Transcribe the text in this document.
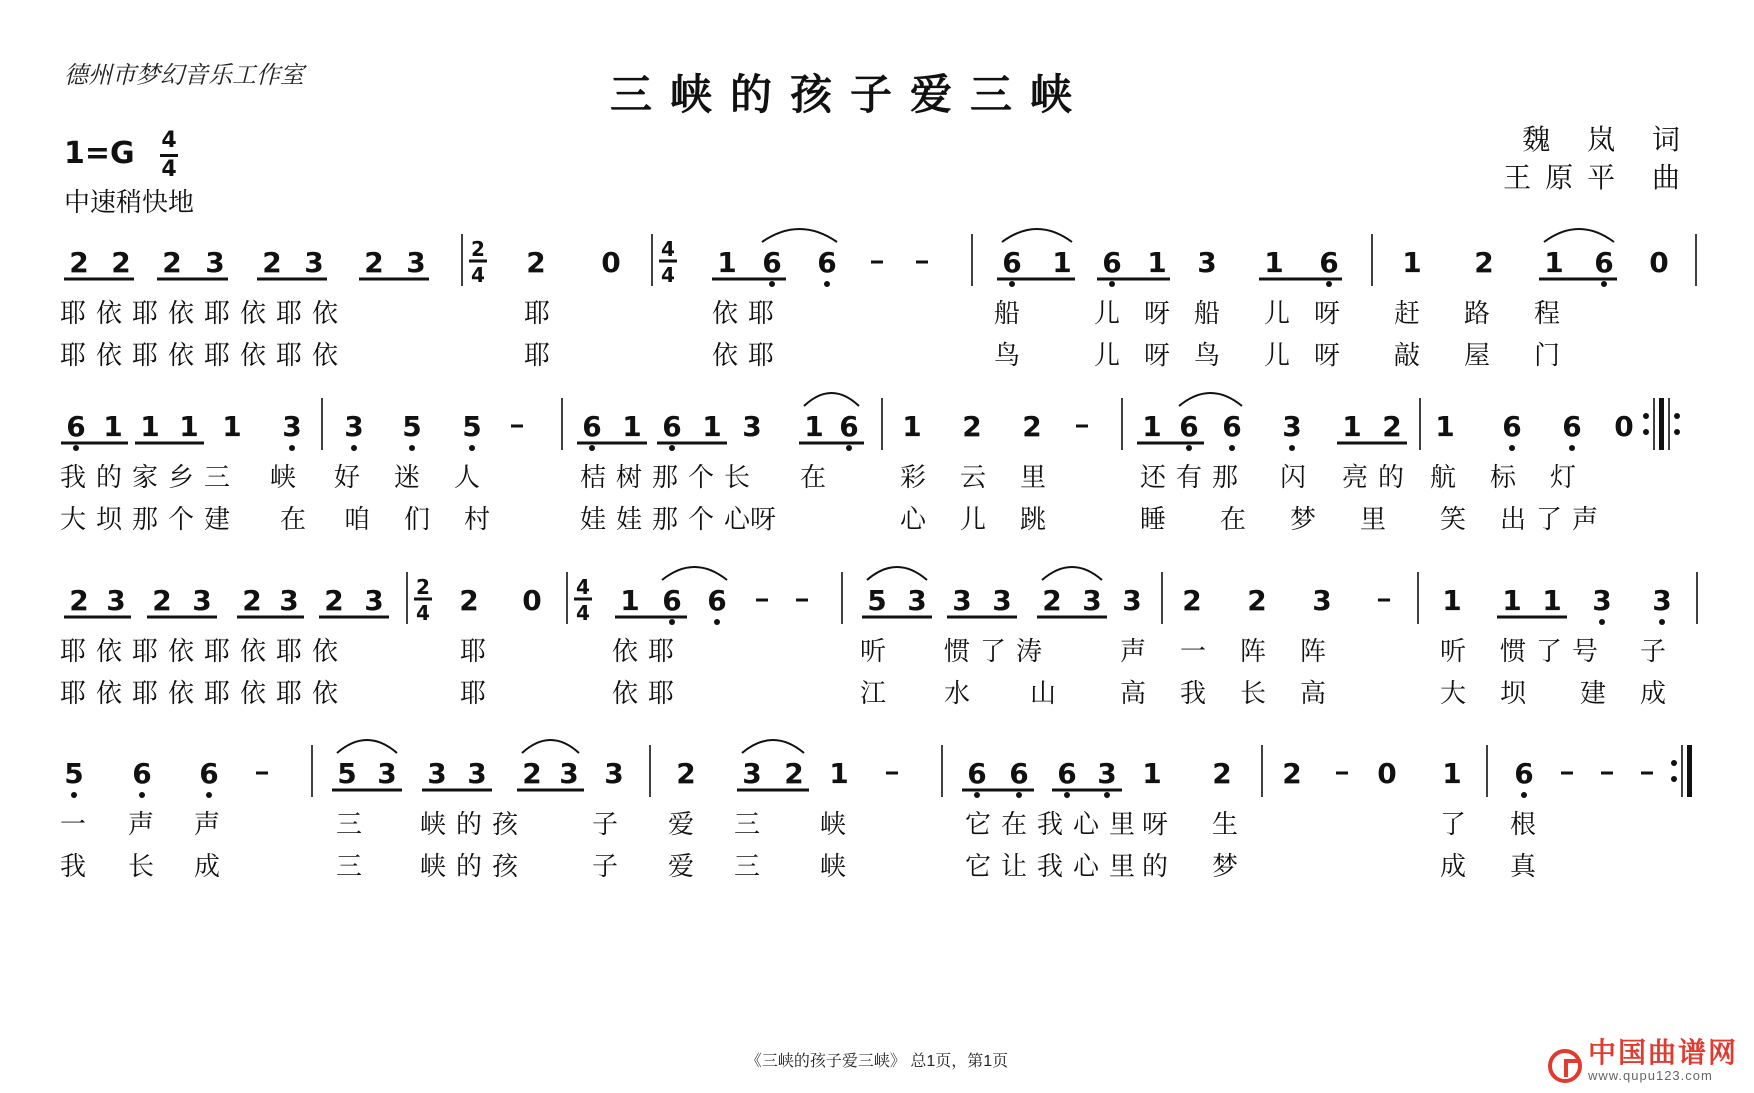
德州市梦幻音乐工作室	三峡的孩子爱三峡
魏 岚 词
王原平 曲
1=G 4
4
中速稍快地
2 2 2 3 2 3 2 3	2 0	1 6 6	6 1 6 1 3 1 6 1 2 1 6 0
2
4
4
4
耶依耶依耶依耶依	耶	依耶	船 儿 呀 船 儿 呀 赶 路 程
耶依耶依耶依耶依	耶	依耶	鸟 儿 呀 鸟 儿 呀 敲 屋 门
6 1 1 1 1 3 3 5 5	6 1 6 1 3 1 6 1 2 2	1 6 6 3 1 2 1 6 6 0
我的家乡三 峡 好 迷 人	桔树那个长 在 彩 云 里	还有那 闪 亮的 航 标 灯
大坝那个建 在 咱 们 村	娃娃那个心
呀	心 儿 跳	睡 在 梦 里 笑 出了声
2 3 2 3 2 3 2 3	2 0	1 6 6	5 3 3 3 2 3 3 2 2 3	1 1 1 3 3
2
4
4
4
耶依耶依耶依耶依	耶	依耶	听 惯了涛	声 一 阵 阵	听 惯了号 子
耶依耶依耶依耶依	耶	依耶	江 水 山 高 我 长 高	大 坝 建 成
5 6 6	5 3 3 3 2 3 3 2 3 2 1	6 6 6 3 1 2 2	0 1 6
一 声 声	三 峡的孩 子 爱 三 峡	它在我心里
呀 生	了 根
我 长 成	三 峡的孩 子 爱 三 峡	它让我心里
的 梦	成 真
《三峡的孩子爱三峡》 总1页，第1页	中国曲谱网
www.qupu123.com
